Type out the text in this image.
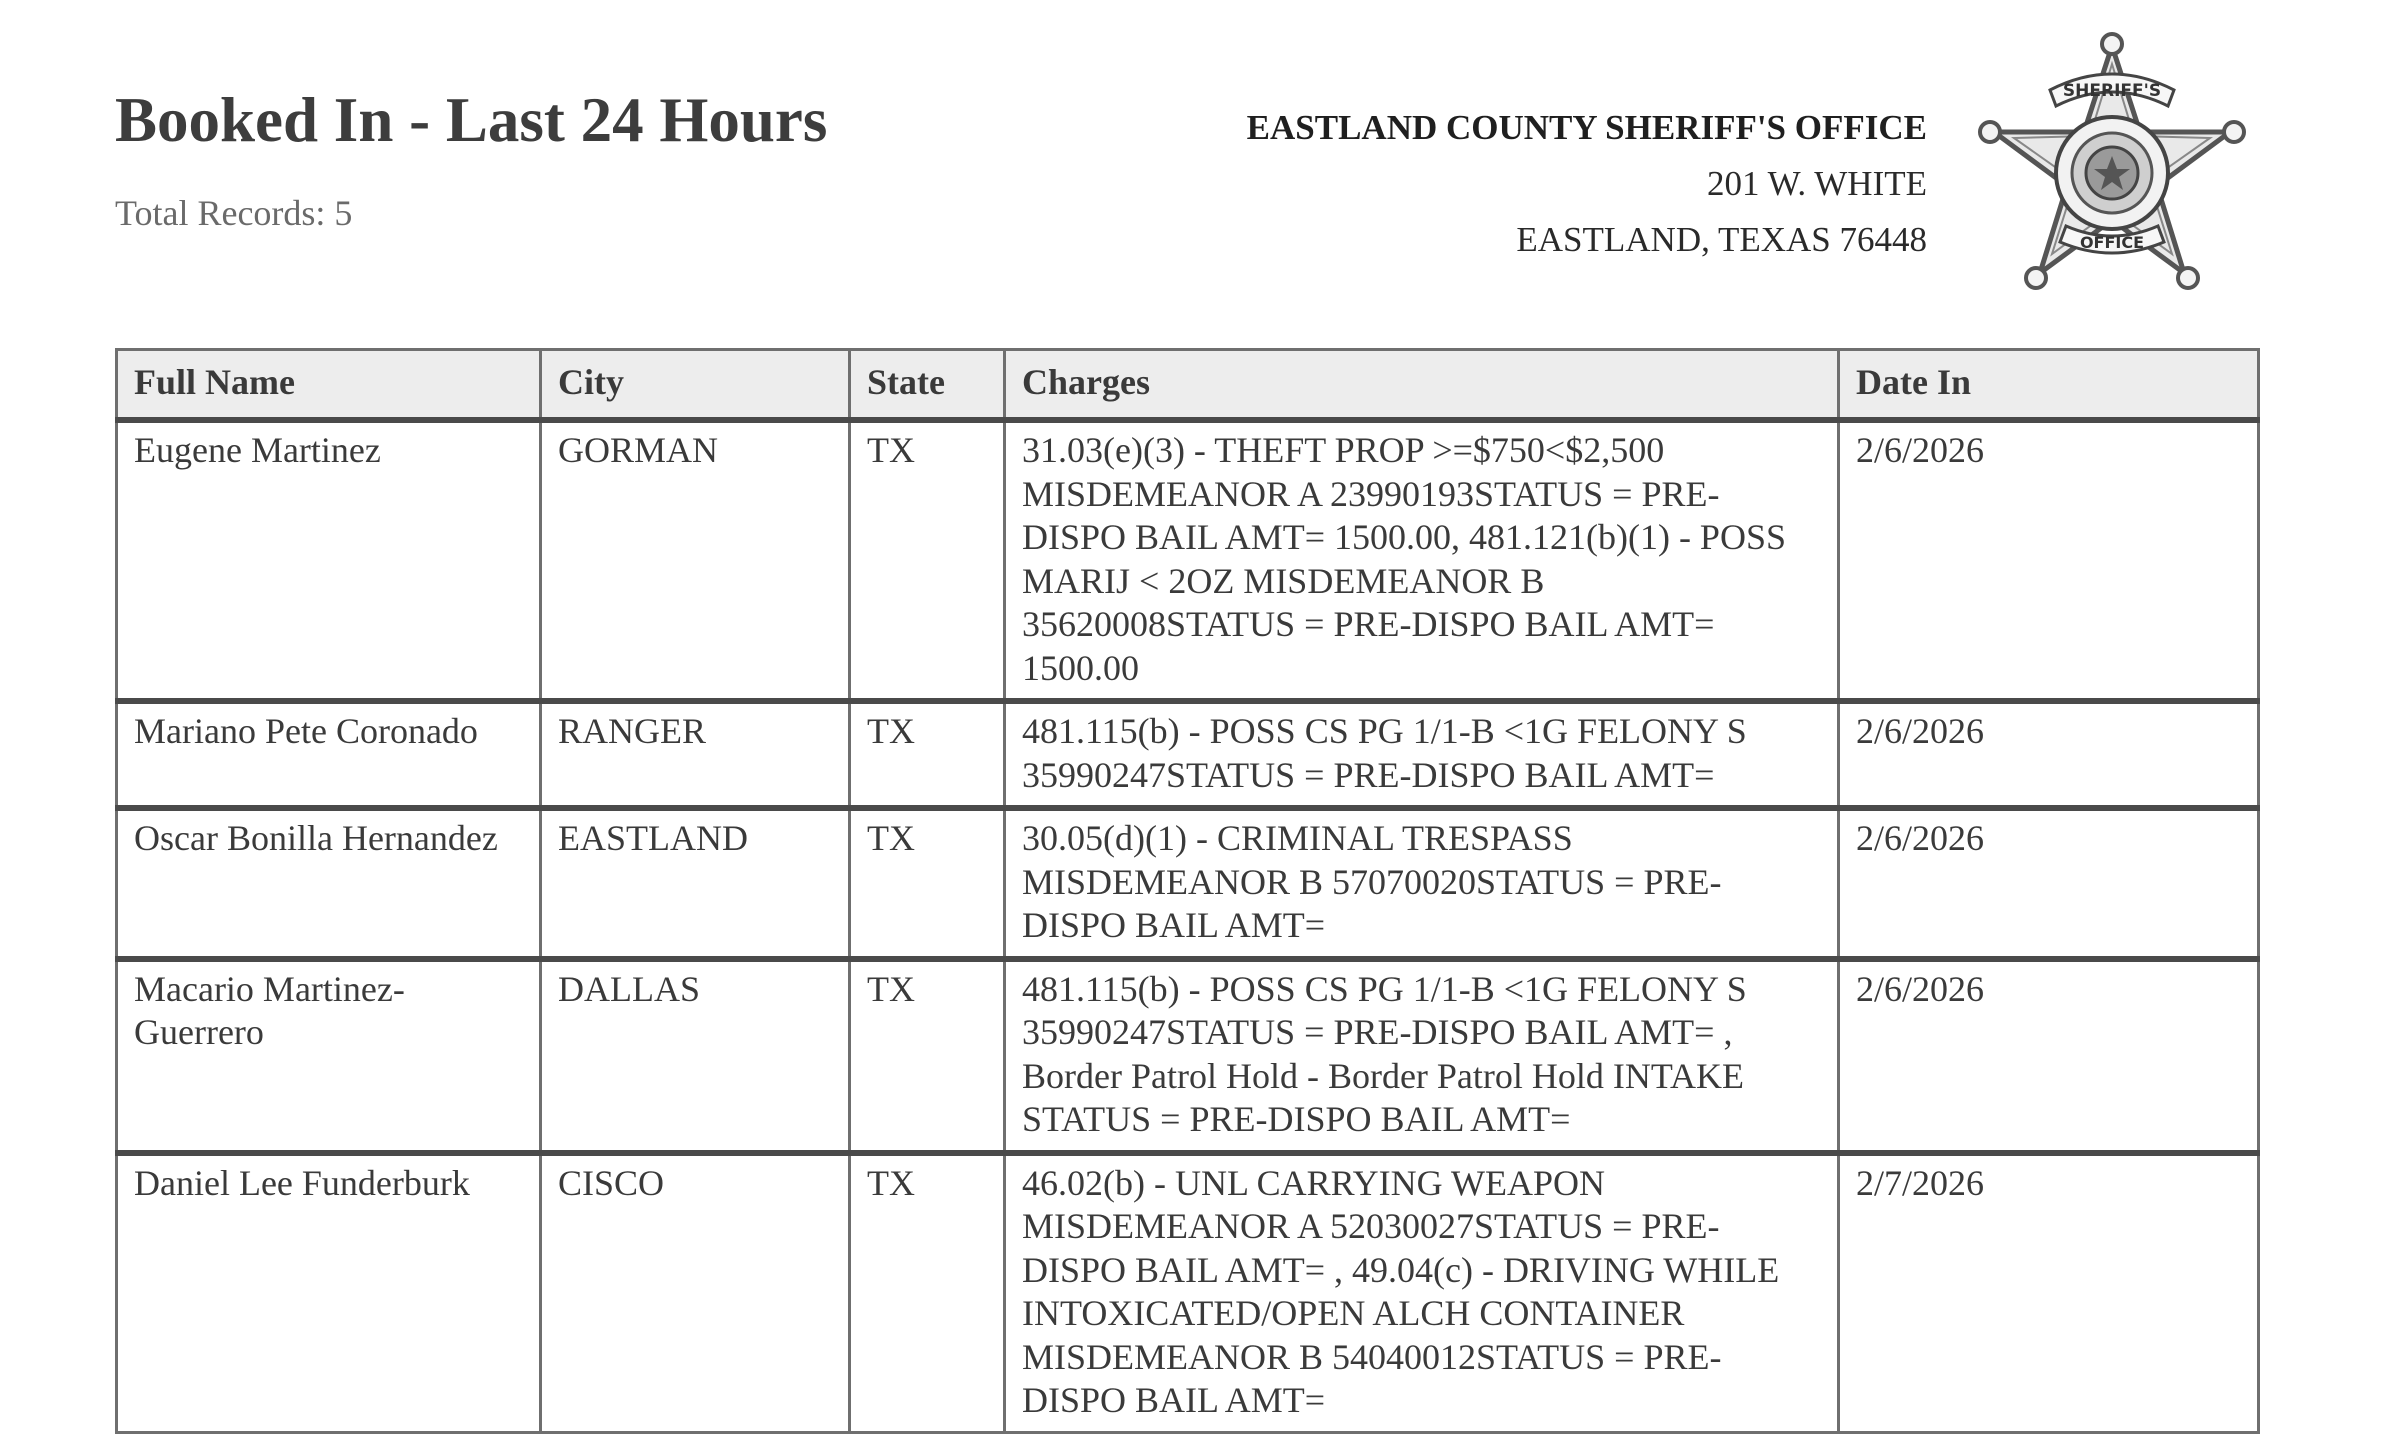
Booked In - Last 24 Hours
Total Records: 5
EASTLAND COUNTY SHERIFF'S OFFICE
201 W. WHITE
EASTLAND, TEXAS 76448
SHERIFF'S
OFFICE
Full Name	City	State	Charges	Date In
Eugene Martinez	GORMAN	TX	31.03(e)(3) - THEFT PROP >=$750<$2,500 MISDEMEANOR A 23990193STATUS = PRE-DISPO BAIL AMT= 1500.00, 481.121(b)(1) - POSS MARIJ < 2OZ MISDEMEANOR B 35620008STATUS = PRE-DISPO BAIL AMT= 1500.00	2/6/2026
Mariano Pete Coronado	RANGER	TX	481.115(b) - POSS CS PG 1/1-B <1G FELONY S 35990247STATUS = PRE-DISPO BAIL AMT=	2/6/2026
Oscar Bonilla Hernandez	EASTLAND	TX	30.05(d)(1) - CRIMINAL TRESPASS MISDEMEANOR B 57070020STATUS = PRE-DISPO BAIL AMT=	2/6/2026
Macario Martinez-Guerrero	DALLAS	TX	481.115(b) - POSS CS PG 1/1-B <1G FELONY S 35990247STATUS = PRE-DISPO BAIL AMT= , Border Patrol Hold - Border Patrol Hold INTAKE STATUS = PRE-DISPO BAIL AMT=	2/6/2026
Daniel Lee Funderburk	CISCO	TX	46.02(b) - UNL CARRYING WEAPON MISDEMEANOR A 52030027STATUS = PRE-DISPO BAIL AMT= , 49.04(c) - DRIVING WHILE INTOXICATED/OPEN ALCH CONTAINER MISDEMEANOR B 54040012STATUS = PRE-DISPO BAIL AMT=	2/7/2026
